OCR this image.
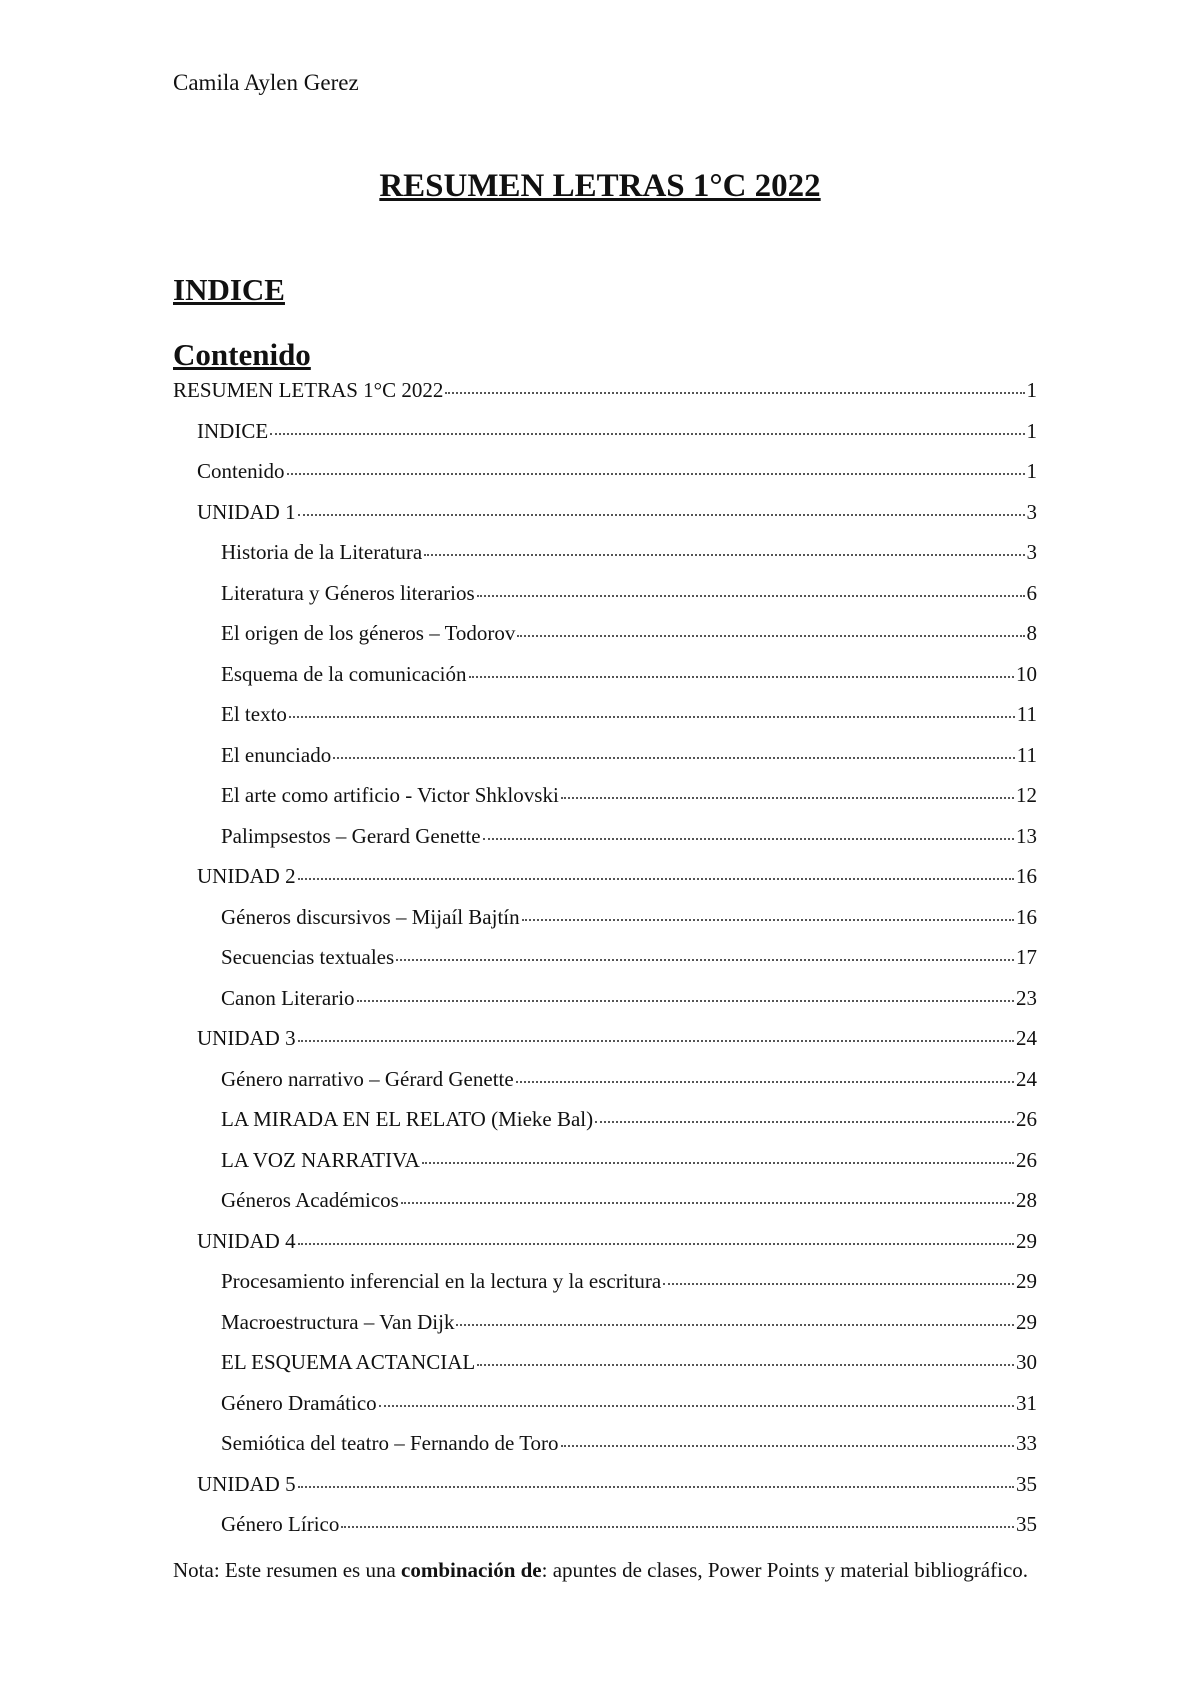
Camila Aylen Gerez
RESUMEN LETRAS 1°C 2022
INDICE
Contenido
RESUMEN LETRAS 1°C 2022	1
INDICE	1
Contenido	1
UNIDAD 1	3
Historia de la Literatura	3
Literatura y Géneros literarios	6
El origen de los géneros – Todorov	8
Esquema de la comunicación	10
El texto	11
El enunciado	11
El arte como artificio - Victor Shklovski	12
Palimpsestos – Gerard Genette	13
UNIDAD 2	16
Géneros discursivos – Mijaíl Bajtín	16
Secuencias textuales	17
Canon Literario	23
UNIDAD 3	24
Género narrativo – Gérard Genette	24
LA MIRADA EN EL RELATO (Mieke Bal)	26
LA VOZ NARRATIVA	26
Géneros Académicos	28
UNIDAD 4	29
Procesamiento inferencial en la lectura y la escritura	29
Macroestructura – Van Dijk	29
EL ESQUEMA ACTANCIAL	30
Género Dramático	31
Semiótica del teatro – Fernando de Toro	33
UNIDAD 5	35
Género Lírico	35

Nota: Este resumen es una combinación de: apuntes de clases, Power Points y material bibliográfico.
